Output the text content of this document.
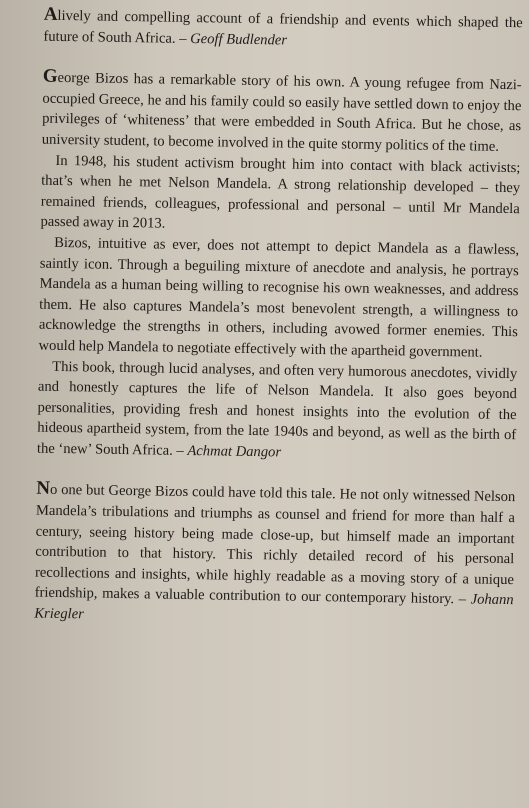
Alively and compelling account of a friendship and events which shaped the future of South Africa. – Geoff Budlender

George Bizos has a remarkable story of his own. A young refugee from Nazi-occupied Greece, he and his family could so easily have settled down to enjoy the privileges of ‘whiteness’ that were embedded in South Africa. But he chose, as university student, to become involved in the quite stormy politics of the time.

In 1948, his student activism brought him into contact with black activists; that’s when he met Nelson Mandela. A strong relationship developed – they remained friends, colleagues, professional and personal – until Mr Mandela passed away in 2013.

Bizos, intuitive as ever, does not attempt to depict Mandela as a flawless, saintly icon. Through a beguiling mixture of anecdote and analysis, he portrays Mandela as a human being willing to recognise his own weaknesses, and address them. He also captures Mandela’s most benevolent strength, a willingness to acknowledge the strengths in others, including avowed former enemies. This would help Mandela to negotiate effectively with the apartheid government.

This book, through lucid analyses, and often very humorous anecdotes, vividly and honestly captures the life of Nelson Mandela. It also goes beyond personalities, providing fresh and honest insights into the evolution of the hideous apartheid system, from the late 1940s and beyond, as well as the birth of the ‘new’ South Africa. – Achmat Dangor

No one but George Bizos could have told this tale. He not only witnessed Nelson Mandela’s tribulations and triumphs as counsel and friend for more than half a century, seeing history being made close-up, but himself made an important contribution to that history. This richly detailed record of his personal recollections and insights, while highly readable as a moving story of a unique friendship, makes a valuable contribution to our contemporary history. – Johann Kriegler
